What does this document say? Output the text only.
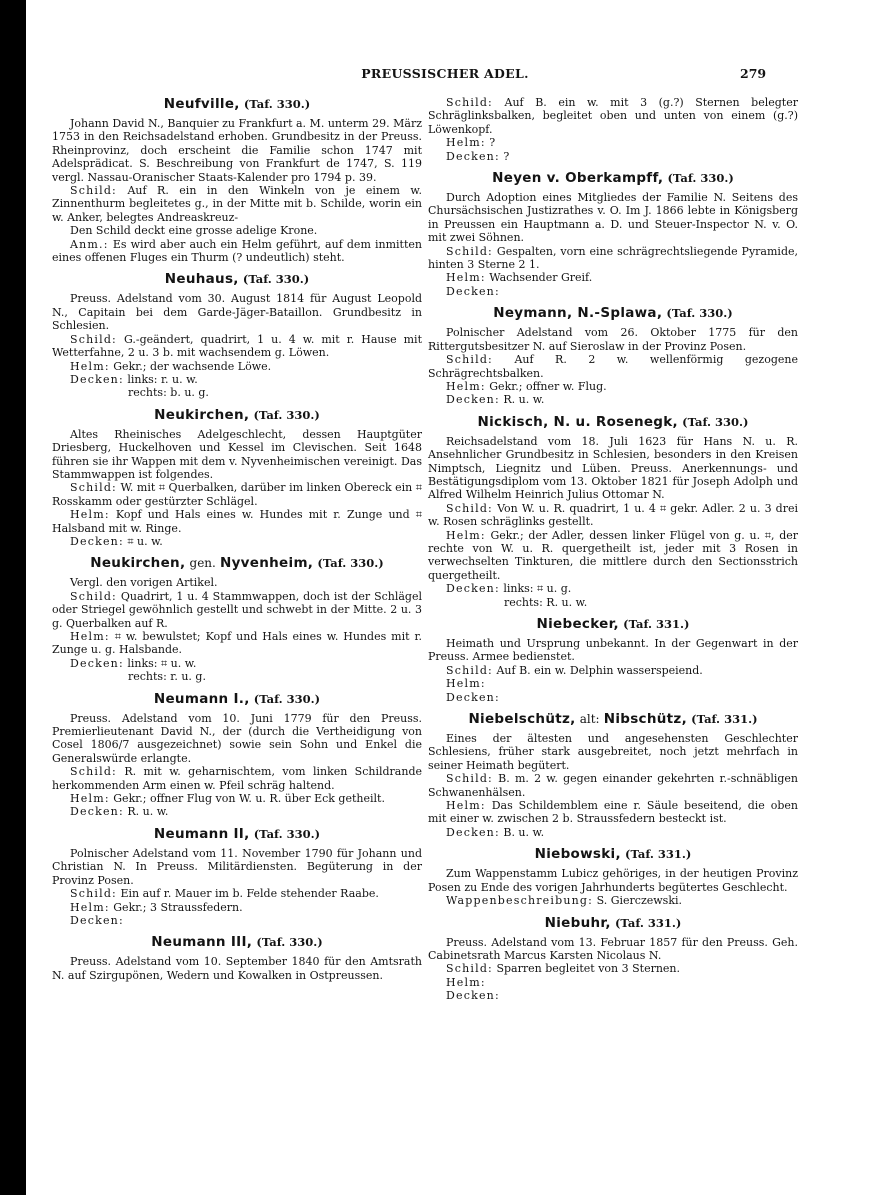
PREUSSISCHER ADEL.	279
Neufville, (Taf. 330.)

Johann David N., Banquier zu Frankfurt a. M. unterm 29. März 1753 in den Reichsadelstand erhoben. Grundbesitz in der Preuss. Rheinprovinz, doch erscheint die Familie schon 1747 mit Adelsprädicat. S. Beschreibung von Frankfurt de 1747, S. 119 vergl. Nassau-Oranischer Staats-Kalender pro 1794 p. 39.

Schild: Auf R. ein in den Winkeln von je einem w. Zinnenthurm begleitetes g., in der Mitte mit b. Schilde, worin ein w. Anker, belegtes Andreaskreuz-

Den Schild deckt eine grosse adelige Krone.

Anm.: Es wird aber auch ein Helm geführt, auf dem inmitten eines offenen Fluges ein Thurm (? undeutlich) steht.

Neuhaus, (Taf. 330.)

Preuss. Adelstand vom 30. August 1814 für August Leopold N., Capitain bei dem Garde-Jäger-Bataillon. Grundbesitz in Schlesien.

Schild: G.-geändert, quadrirt, 1 u. 4 w. mit r. Hause mit Wetterfahne, 2 u. 3 b. mit wachsendem g. Löwen.

Helm: Gekr.; der wachsende Löwe.

Decken: links: r. u. w.

rechts: b. u. g.

Neukirchen, (Taf. 330.)

Altes Rheinisches Adelgeschlecht, dessen Hauptgüter Driesberg, Huckelhoven und Kessel im Clevischen. Seit 1648 führen sie ihr Wappen mit dem v. Nyvenheimischen vereinigt. Das Stammwappen ist folgendes.

Schild: W. mit ⌗ Querbalken, darüber im linken Obereck ein ⌗ Rosskamm oder gestürzter Schlägel.

Helm: Kopf und Hals eines w. Hundes mit r. Zunge und ⌗ Halsband mit w. Ringe.

Decken: ⌗ u. w.

Neukirchen, gen. Nyvenheim, (Taf. 330.)

Vergl. den vorigen Artikel.

Schild: Quadrirt, 1 u. 4 Stammwappen, doch ist der Schlägel oder Striegel gewöhnlich gestellt und schwebt in der Mitte. 2 u. 3 g. Querbalken auf R.

Helm: ⌗ w. bewulstet; Kopf und Hals eines w. Hundes mit r. Zunge u. g. Halsbande.

Decken: links: ⌗ u. w.

rechts: r. u. g.

Neumann I., (Taf. 330.)

Preuss. Adelstand vom 10. Juni 1779 für den Preuss. Premierlieutenant David N., der (durch die Vertheidigung von Cosel 1806/7 ausgezeichnet) sowie sein Sohn und Enkel die Generalswürde erlangte.

Schild: R. mit w. geharnischtem, vom linken Schildrande herkommenden Arm einen w. Pfeil schräg haltend.

Helm: Gekr.; offner Flug von W. u. R. über Eck getheilt.

Decken: R. u. w.

Neumann II, (Taf. 330.)

Polnischer Adelstand vom 11. November 1790 für Johann und Christian N. In Preuss. Militärdiensten. Begüterung in der Provinz Posen.

Schild: Ein auf r. Mauer im b. Felde stehender Raabe.

Helm: Gekr.; 3 Straussfedern.

Decken:

Neumann III, (Taf. 330.)

Preuss. Adelstand vom 10. September 1840 für den Amtsrath N. auf Szirgupönen, Wedern und Kowalken in Ostpreussen.

Schild: Auf B. ein w. mit 3 (g.?) Sternen belegter Schräglinksbalken, begleitet oben und unten von einem (g.?) Löwenkopf.

Helm: ?

Decken: ?

Neyen v. Oberkampff, (Taf. 330.)

Durch Adoption eines Mitgliedes der Familie N. Seitens des Chursächsischen Justizrathes v. O. Im J. 1866 lebte in Königsberg in Preussen ein Hauptmann a. D. und Steuer-Inspector N. v. O. mit zwei Söhnen.

Schild: Gespalten, vorn eine schrägrechtsliegende Pyramide, hinten 3 Sterne 2 1.

Helm: Wachsender Greif.

Decken:

Neymann, N.-Splawa, (Taf. 330.)

Polnischer Adelstand vom 26. Oktober 1775 für den Rittergutsbesitzer N. auf Sieroslaw in der Provinz Posen.

Schild: Auf R. 2 w. wellenförmig gezogene Schrägrechtsbalken.

Helm: Gekr.; offner w. Flug.

Decken: R. u. w.

Nickisch, N. u. Rosenegk, (Taf. 330.)

Reichsadelstand vom 18. Juli 1623 für Hans N. u. R. Ansehnlicher Grundbesitz in Schlesien, besonders in den Kreisen Nimptsch, Liegnitz und Lüben. Preuss. Anerkennungs- und Bestätigungsdiplom vom 13. Oktober 1821 für Joseph Adolph und Alfred Wilhelm Heinrich Julius Ottomar N.

Schild: Von W. u. R. quadrirt, 1 u. 4 ⌗ gekr. Adler. 2 u. 3 drei w. Rosen schräglinks gestellt.

Helm: Gekr.; der Adler, dessen linker Flügel von g. u. ⌗, der rechte von W. u. R. quergetheilt ist, jeder mit 3 Rosen in verwechselten Tinkturen, die mittlere durch den Sectionsstrich quergetheilt.

Decken: links: ⌗ u. g.

rechts: R. u. w.

Niebecker, (Taf. 331.)

Heimath und Ursprung unbekannt. In der Gegenwart in der Preuss. Armee bedienstet.

Schild: Auf B. ein w. Delphin wasserspeiend.

Helm:

Decken:

Niebelschütz, alt: Nibschütz, (Taf. 331.)

Eines der ältesten und angesehensten Geschlechter Schlesiens, früher stark ausgebreitet, noch jetzt mehrfach in seiner Heimath begütert.

Schild: B. m. 2 w. gegen einander gekehrten r.-schnäbligen Schwanenhälsen.

Helm: Das Schildemblem eine r. Säule beseitend, die oben mit einer w. zwischen 2 b. Straussfedern besteckt ist.

Decken: B. u. w.

Niebowski, (Taf. 331.)

Zum Wappenstamm Lubicz gehöriges, in der heutigen Provinz Posen zu Ende des vorigen Jahrhunderts begütertes Geschlecht.

Wappenbeschreibung: S. Gierczewski.

Niebuhr, (Taf. 331.)

Preuss. Adelstand vom 13. Februar 1857 für den Preuss. Geh. Cabinetsrath Marcus Karsten Nicolaus N.

Schild: Sparren begleitet von 3 Sternen.

Helm:

Decken:
